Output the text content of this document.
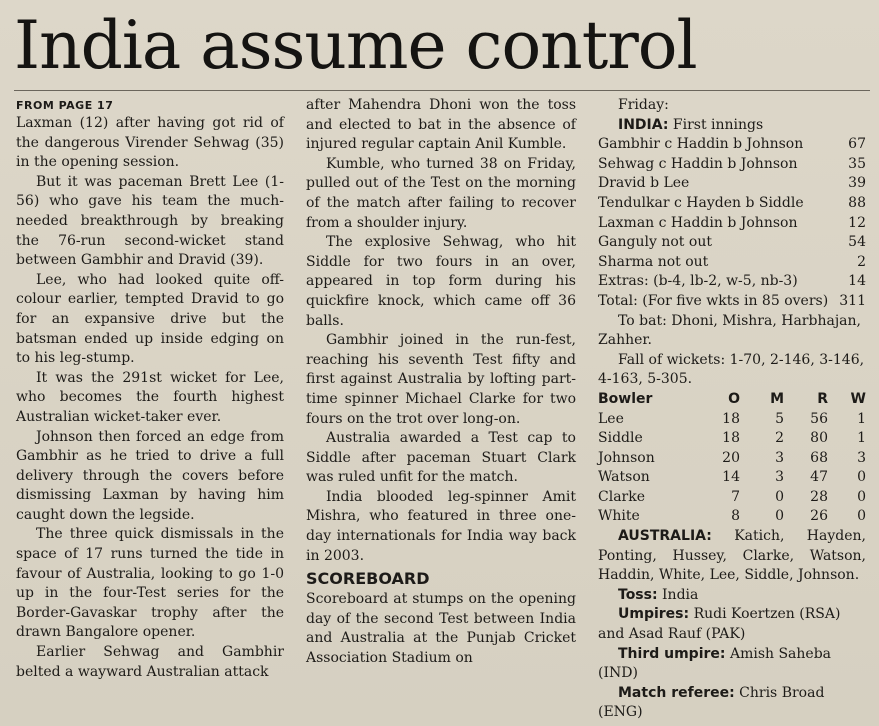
India assume control
FROM PAGE 17

Laxman (12) after having got rid of the dangerous Virender Sehwag (35) in the opening session.

But it was paceman Brett Lee (1-56) who gave his team the much-needed breakthrough by breaking the 76-run second-wicket stand between Gambhir and Dravid (39).

Lee, who had looked quite off-colour earlier, tempted Dravid to go for an expansive drive but the batsman ended up inside edging on to his leg-stump.

It was the 291st wicket for Lee, who becomes the fourth highest Australian wicket-taker ever.

Johnson then forced an edge from Gambhir as he tried to drive a full delivery through the covers before dismissing Laxman by having him caught down the legside.

The three quick dismissals in the space of 17 runs turned the tide in favour of Australia, looking to go 1-0 up in the four-Test series for the Border-Gavaskar trophy after the drawn Bangalore opener.

Earlier Sehwag and Gambhir belted a wayward Australian attack

after Mahendra Dhoni won the toss and elected to bat in the absence of injured regular captain Anil Kumble.

Kumble, who turned 38 on Friday, pulled out of the Test on the morning of the match after failing to recover from a shoulder injury.

The explosive Sehwag, who hit Siddle for two fours in an over, appeared in top form during his quickfire knock, which came off 36 balls.

Gambhir joined in the run-fest, reaching his seventh Test fifty and first against Australia by lofting part-time spinner Michael Clarke for two fours on the trot over long-on.

Australia awarded a Test cap to Siddle after paceman Stuart Clark was ruled unfit for the match.

India blooded leg-spinner Amit Mishra, who featured in three one-day internationals for India way back in 2003.

SCOREBOARD

Scoreboard at stumps on the opening day of the second Test between India and Australia at the Punjab Cricket Association Stadium on

Friday:

INDIA: First innings

Gambhir c Haddin b Johnson	67
Sehwag c Haddin b Johnson	35
Dravid b Lee	39
Tendulkar c Hayden b Siddle	88
Laxman c Haddin b Johnson	12
Ganguly not out	54
Sharma not out	2
Extras: (b-4, lb-2, w-5, nb-3)	14
Total: (For five wkts in 85 overs) 311

To bat: Dhoni, Mishra, Harbhajan, Zahher.

Fall of wickets: 1-70, 2-146, 3-146, 4-163, 5-305.

Bowler	O	M	R	W
Lee	18	5	56	1
Siddle	18	2	80	1
Johnson	20	3	68	3
Watson	14	3	47	0
Clarke	7	0	28	0
White	8	0	26	0

AUSTRALIA: Katich, Hayden, Ponting, Hussey, Clarke, Watson, Haddin, White, Lee, Siddle, Johnson.

Toss: India

Umpires: Rudi Koertzen (RSA) and Asad Rauf (PAK)

Third umpire: Amish Saheba (IND)

Match referee: Chris Broad (ENG)
